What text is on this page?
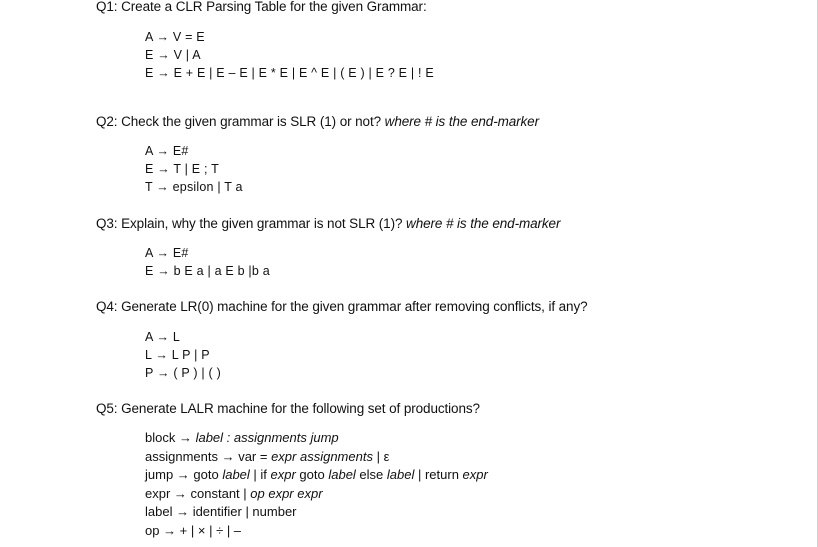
Q1: Create a CLR Parsing Table for the given Grammar:
A → V = E
E → V | A
E → E + E | E – E | E * E | E ^ E | ( E ) | E ? E | ! E
Q2: Check the given grammar is SLR (1) or not? where # is the end-marker
A → E#
E → T | E ; T
T → epsilon | T a
Q3: Explain, why the given grammar is not SLR (1)? where # is the end-marker
A → E#
E → b E a | a E b |b a
Q4: Generate LR(0) machine for the given grammar after removing conflicts, if any?
A → L
L → L P | P
P → ( P ) | ( )
Q5: Generate LALR machine for the following set of productions?
block → label : assignments jump
assignments → var = expr assignments | ε
jump → goto label | if expr goto label else label | return expr
expr → constant | op expr expr
label → identifier | number
op → + | × | ÷ | –
